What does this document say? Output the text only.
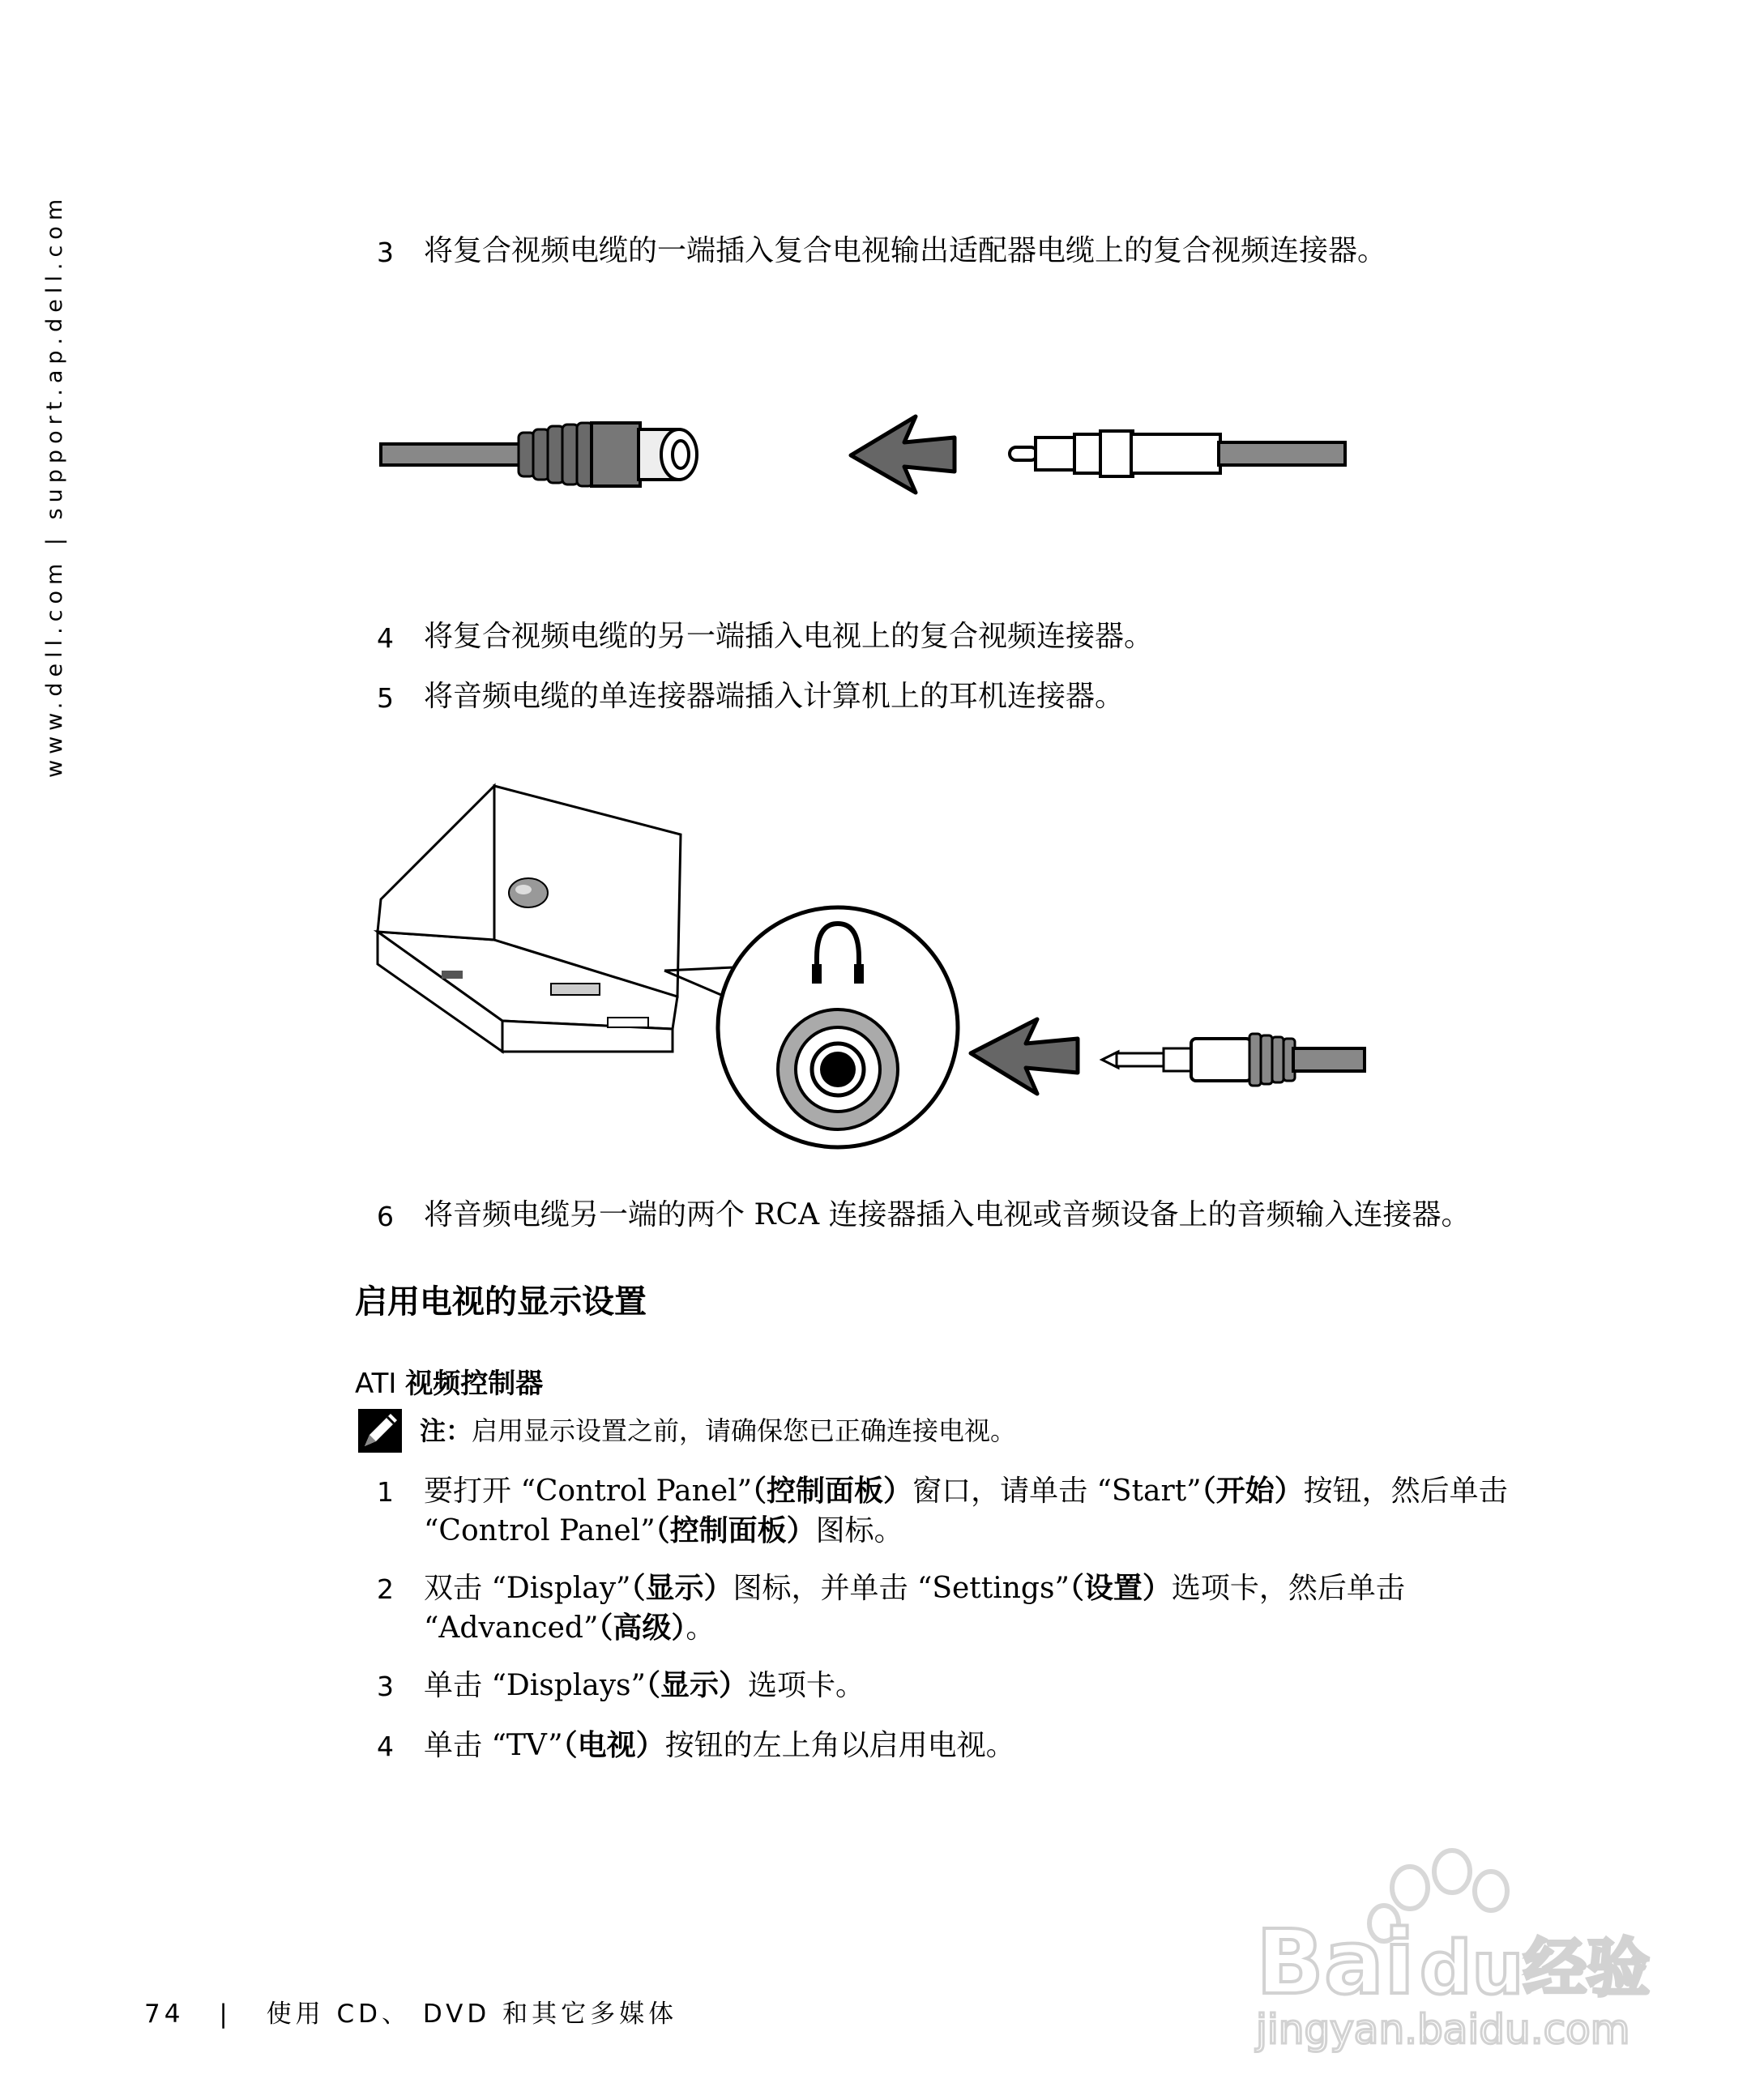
www.dell.com | support.ap.dell.com	3	将复合视频电缆的一端插入复合电视输出适配器电缆上的复合视频连接器。
4	将复合视频电缆的另一端插入电视上的复合视频连接器。
5	将音频电缆的单连接器端插入计算机上的耳机连接器。
6	将音频电缆另一端的两个 RCA 连接器插入电视或音频设备上的音频输入连接器。
启用电视的显示设置
ATI 视频控制器
注：启用显示设置之前，请确保您已正确连接电视。
1	要打开 “Control Panel”（控制面板）窗口，请单击 “Start”（开始）按钮，然后单击 “Control Panel”（控制面板）图标。
2	双击 “Display”（显示）图标，并单击 “Settings”（设置）选项卡，然后单击 “Advanced”（高级）。
3	单击 “Displays”（显示）选项卡。
4	单击 “TV”（电视）按钮的左上角以启用电视。
Bai du 经验
jingyan.baidu.com
74 | 使用 CD、 DVD 和其它多媒体
